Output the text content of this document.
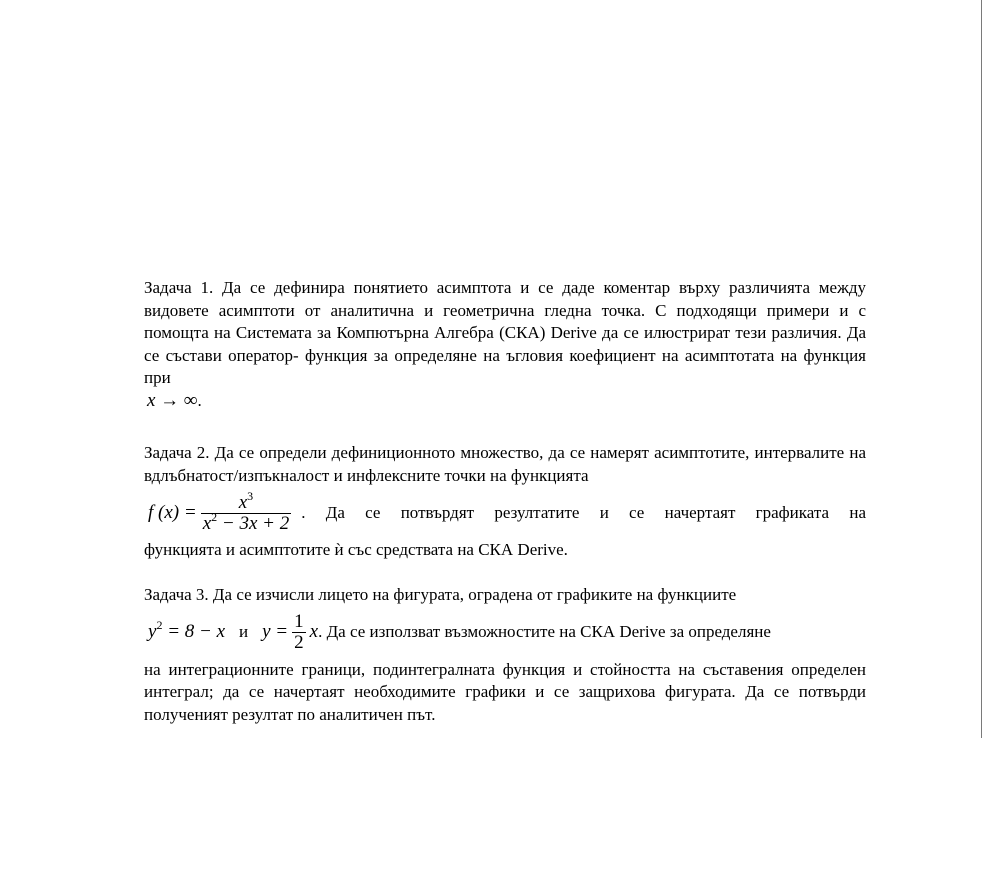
Задача 1. Да се дефинира понятието асимптота и се даде коментар върху различията между видовете асимптоти от аналитична и геометрична гледна точка. С подходящи примери и с помощта на Системата за Компютърна Алгебра (СКА) Derive да се илюстрират тези различия. Да се състави оператор- функция за определяне на ъгловия коефициент на асимптотата на функция при

x → ∞ .

Задача 2. Да се определи дефиниционното множество, да се намерят асимптотите, интервалите на вдлъбнатост/изпъкналост и инфлексните точки на функцията

f $(x) = \frac{x^3}{x^2 - 3x + 2}$ . Да се потвърдят резултатите и се начертаят графиката на

функцията и асимптотите ѝ със средствата на СКА Derive.

Задача 3. Да се изчисли лицето на фигурата, оградена от графиките на функциите

$y^2 = 8 - x$ и $y = \frac{1}{2}$ x . Да се използват възможностите на СКА Derive за определяне

на интеграционните граници, подинтегралната функция и стойността на съставения определен интеграл; да се начертаят необходимите графики и се защрихова фигурата. Да се потвърди полученият резултат по аналитичен път.
